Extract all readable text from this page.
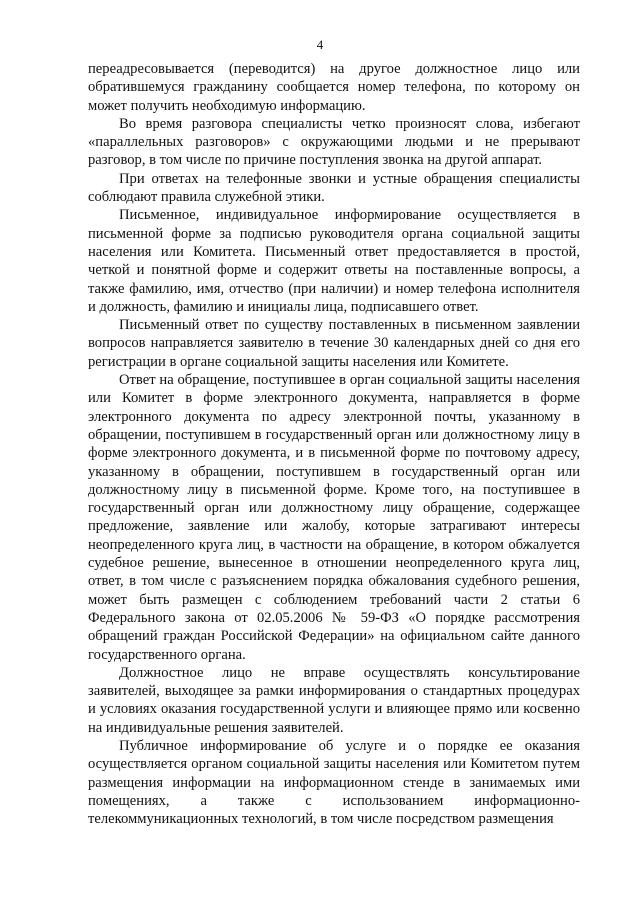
4

переадресовывается (переводится) на другое должностное лицо или обратившемуся гражданину сообщается номер телефона, по которому он может получить необходимую информацию.

Во время разговора специалисты четко произносят слова, избегают «параллельных разговоров» с окружающими людьми и не прерывают разговор, в том числе по причине поступления звонка на другой аппарат.

При ответах на телефонные звонки и устные обращения специалисты соблюдают правила служебной этики.

Письменное, индивидуальное информирование осуществляется в письменной форме за подписью руководителя органа социальной защиты населения или Комитета. Письменный ответ предоставляется в простой, четкой и понятной форме и содержит ответы на поставленные вопросы, а также фамилию, имя, отчество (при наличии) и номер телефона исполнителя и должность, фамилию и инициалы лица, подписавшего ответ.

Письменный ответ по существу поставленных в письменном заявлении вопросов направляется заявителю в течение 30 календарных дней со дня его регистрации в органе социальной защиты населения или Комитете.

Ответ на обращение, поступившее в орган социальной защиты населения или Комитет в форме электронного документа, направляется в форме электронного документа по адресу электронной почты, указанному в обращении, поступившем в государственный орган или должностному лицу в форме электронного документа, и в письменной форме по почтовому адресу, указанному в обращении, поступившем в государственный орган или должностному лицу в письменной форме. Кроме того, на поступившее в государственный орган или должностному лицу обращение, содержащее предложение, заявление или жалобу, которые затрагивают интересы неопределенного круга лиц, в частности на обращение, в котором обжалуется судебное решение, вынесенное в отношении неопределенного круга лиц, ответ, в том числе с разъяснением порядка обжалования судебного решения, может быть размещен с соблюдением требований части 2 статьи 6 Федерального закона от 02.05.2006 № 59-ФЗ «О порядке рассмотрения обращений граждан Российской Федерации» на официальном сайте данного государственного органа.

Должностное лицо не вправе осуществлять консультирование заявителей, выходящее за рамки информирования о стандартных процедурах и условиях оказания государственной услуги и влияющее прямо или косвенно на индивидуальные решения заявителей.

Публичное информирование об услуге и о порядке ее оказания осуществляется органом социальной защиты населения или Комитетом путем размещения информации на информационном стенде в занимаемых ими помещениях, а также с использованием информационно-телекоммуникационных технологий, в том числе посредством размещения
